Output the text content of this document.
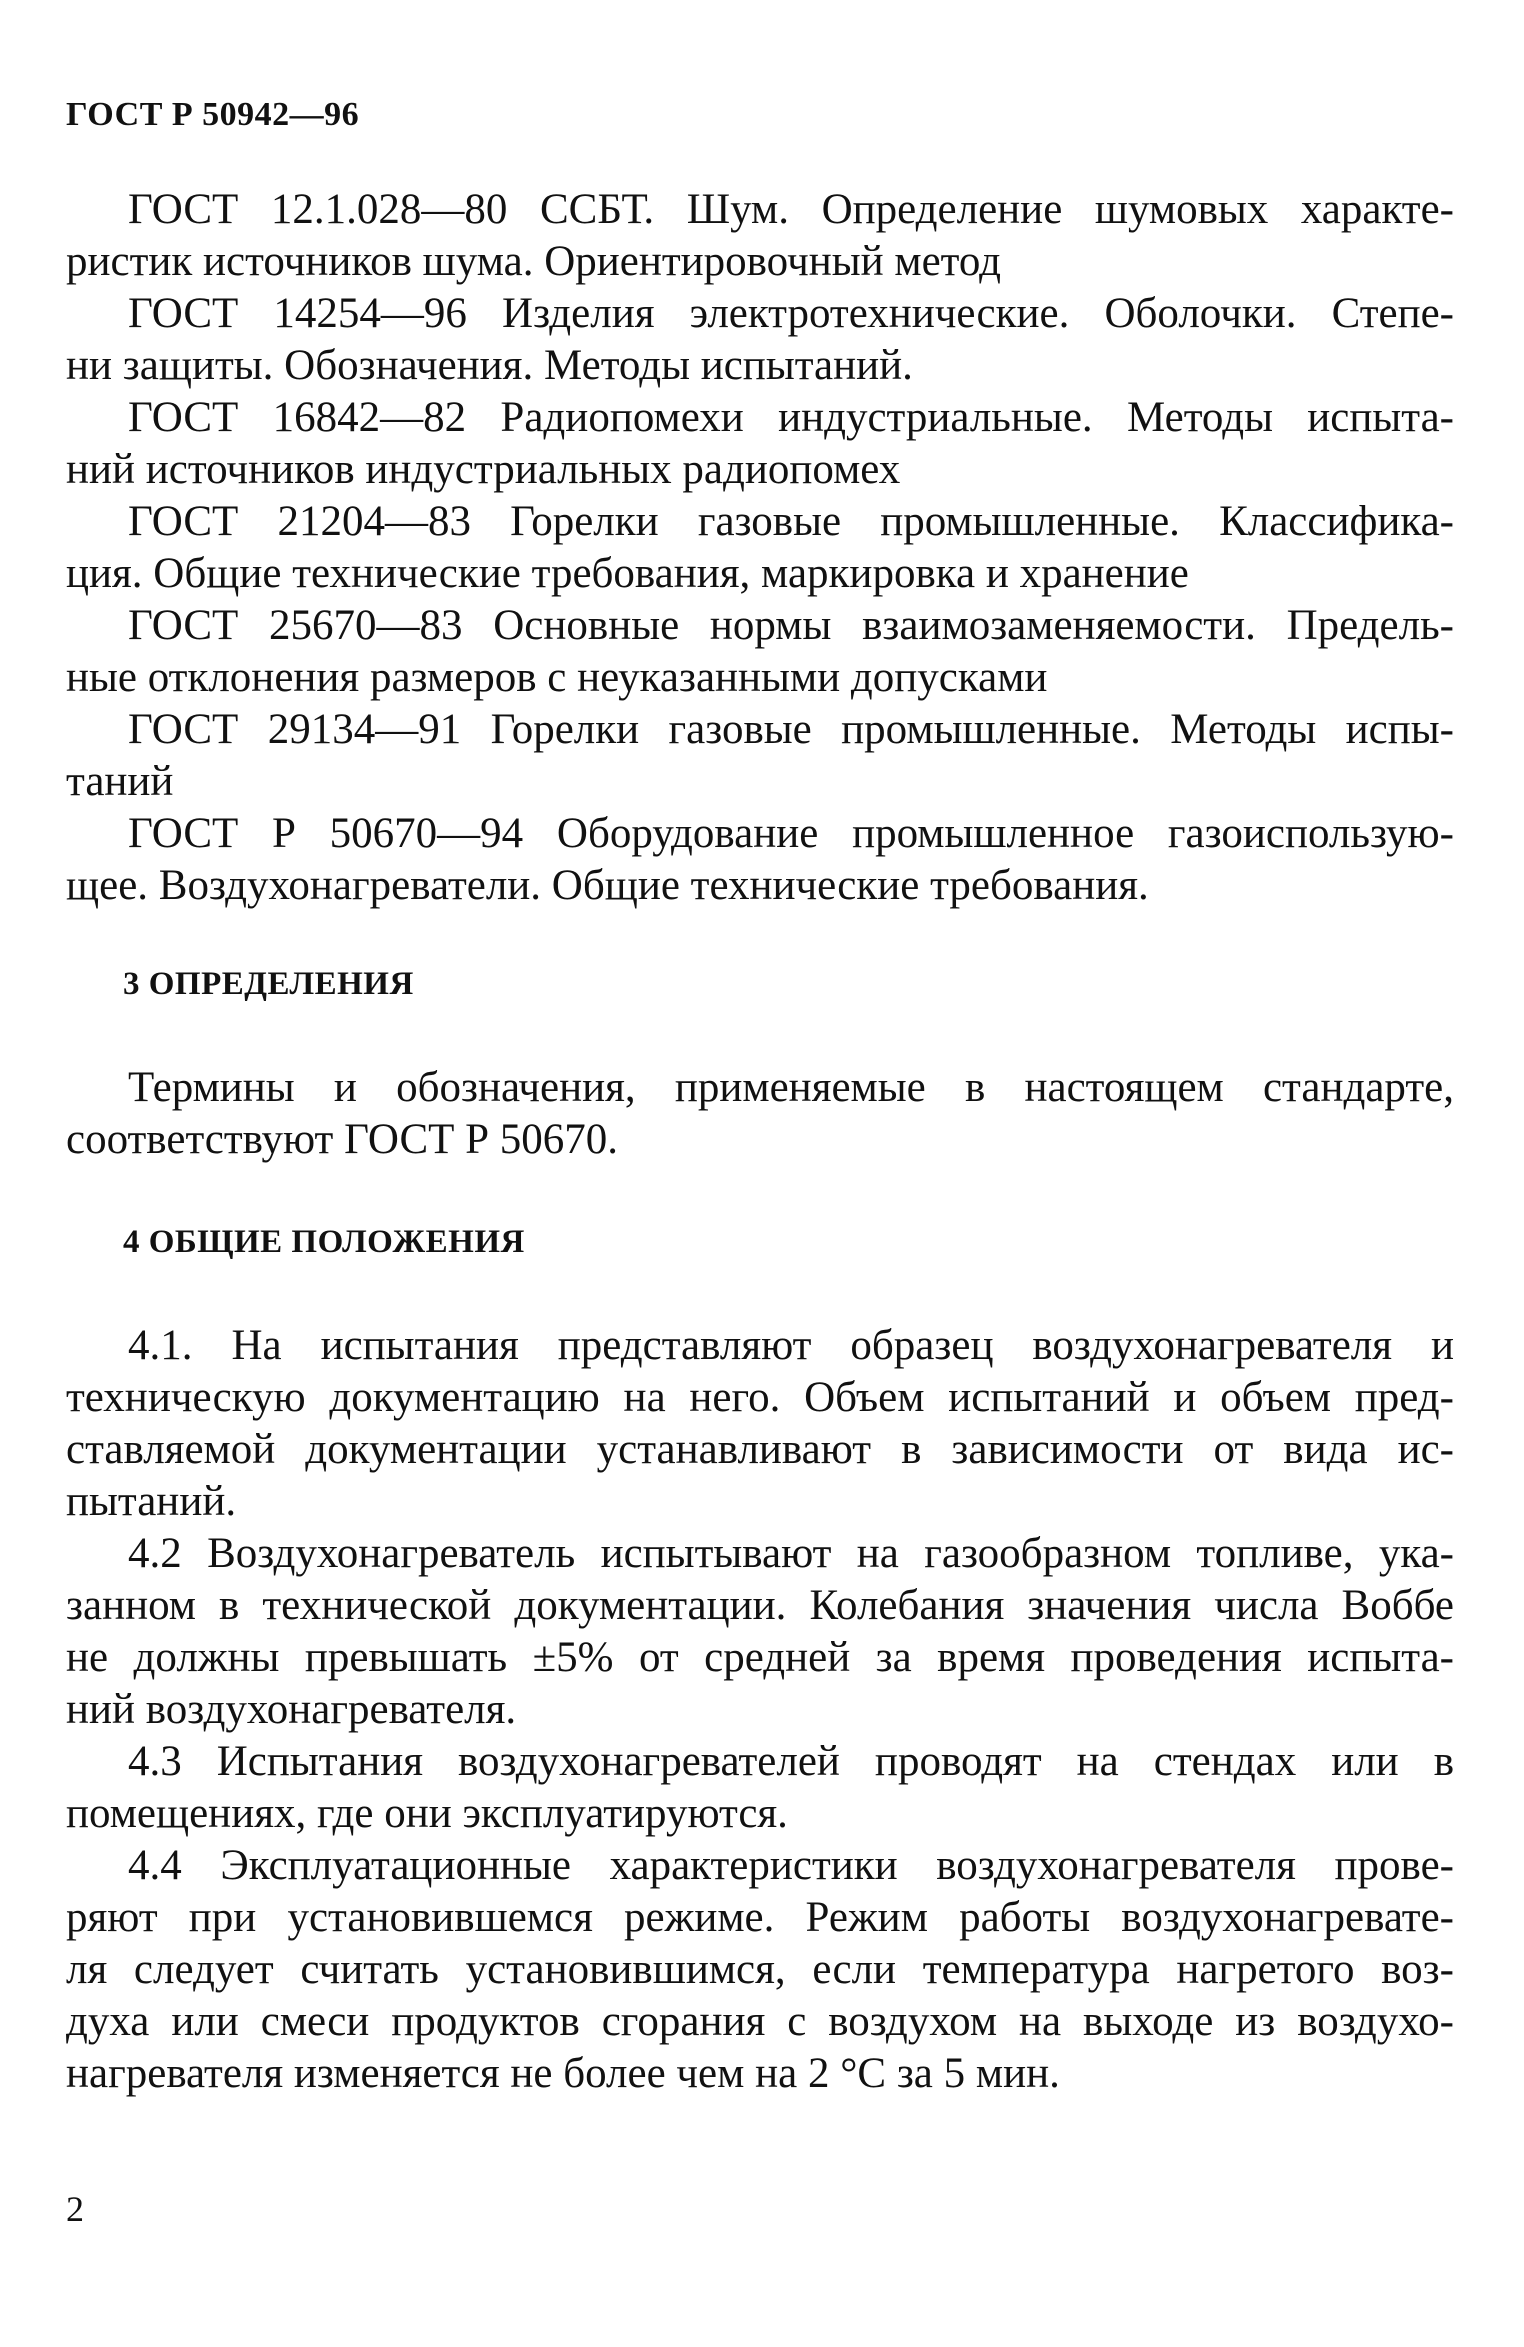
ГОСТ Р 50942—96
ГОСТ 12.1.028—80 ССБТ. Шум. Определение шумовых характе-
ристик источников шума. Ориентировочный метод
ГОСТ 14254—96 Изделия электротехнические. Оболочки. Степе-
ни защиты. Обозначения. Методы испытаний.
ГОСТ 16842—82 Радиопомехи индустриальные. Методы испыта-
ний источников индустриальных радиопомех
ГОСТ 21204—83 Горелки газовые промышленные. Классифика-
ция. Общие технические требования, маркировка и хранение
ГОСТ 25670—83 Основные нормы взаимозаменяемости. Предель-
ные отклонения размеров с неуказанными допусками
ГОСТ 29134—91 Горелки газовые промышленные. Методы испы-
таний
ГОСТ Р 50670—94 Оборудование промышленное газоиспользую-
щее. Воздухонагреватели. Общие технические требования.
3 ОПРЕДЕЛЕНИЯ
Термины и обозначения, применяемые в настоящем стандарте,
соответствуют ГОСТ Р 50670.
4 ОБЩИЕ ПОЛОЖЕНИЯ
4.1. На испытания представляют образец воздухонагревателя и
техническую документацию на него. Объем испытаний и объем пред-
ставляемой документации устанавливают в зависимости от вида ис-
пытаний.
4.2 Воздухонагреватель испытывают на газообразном топливе, ука-
занном в технической документации. Колебания значения числа Воббе
не должны превышать ±5% от средней за время проведения испыта-
ний воздухонагревателя.
4.3 Испытания воздухонагревателей проводят на стендах или в
помещениях, где они эксплуатируются.
4.4 Эксплуатационные характеристики воздухонагревателя прове-
ряют при установившемся режиме. Режим работы воздухонагревате-
ля следует считать установившимся, если температура нагретого воз-
духа или смеси продуктов сгорания с воздухом на выходе из воздухо-
нагревателя изменяется не более чем на 2 °С за 5 мин.
2
